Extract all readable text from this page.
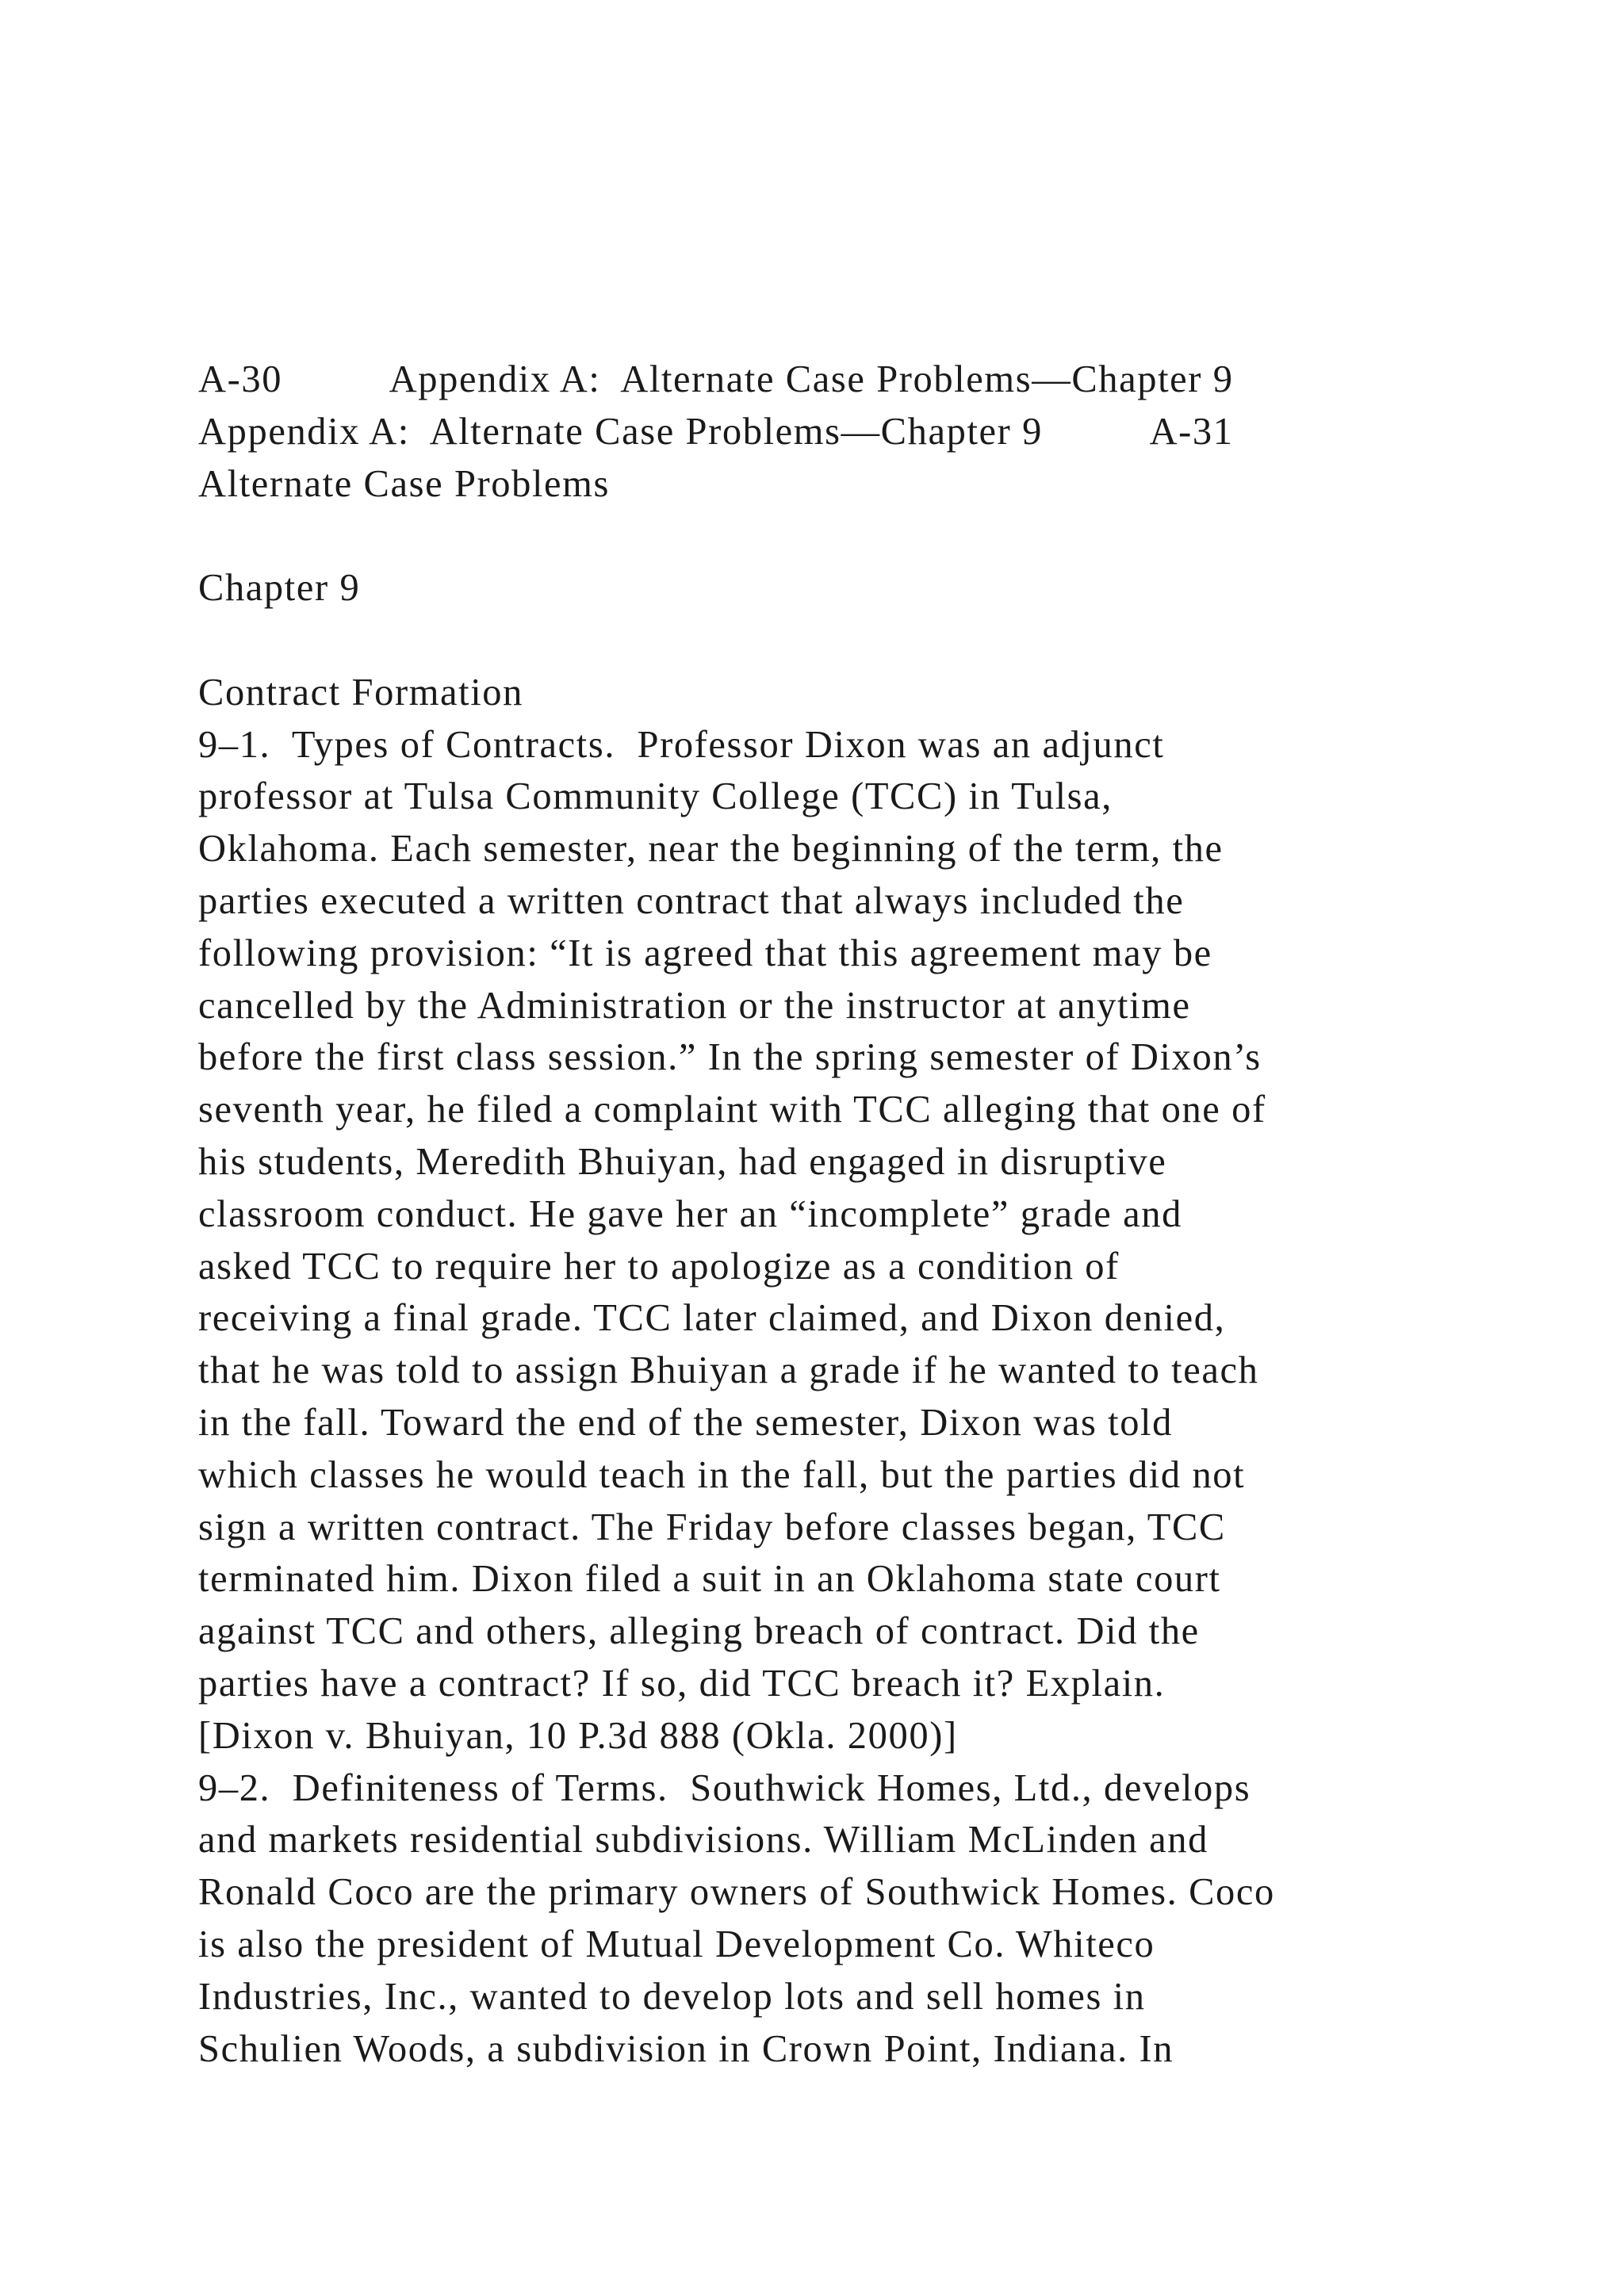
A-30          Appendix A:  Alternate Case Problems—Chapter 9
Appendix A:  Alternate Case Problems—Chapter 9          A-31
Alternate Case Problems
Chapter 9
Contract Formation
9–1.  Types of Contracts.  Professor Dixon was an adjunct
professor at Tulsa Community College (TCC) in Tulsa,
Oklahoma. Each semester, near the beginning of the term, the
parties executed a written contract that always included the
following provision: “It is agreed that this agreement may be
cancelled by the Administration or the instructor at anytime
before the first class session.” In the spring semester of Dixon’s
seventh year, he filed a complaint with TCC alleging that one of
his students, Meredith Bhuiyan, had engaged in disruptive
classroom conduct. He gave her an “incomplete” grade and
asked TCC to require her to apologize as a condition of
receiving a final grade. TCC later claimed, and Dixon denied,
that he was told to assign Bhuiyan a grade if he wanted to teach
in the fall. Toward the end of the semester, Dixon was told
which classes he would teach in the fall, but the parties did not
sign a written contract. The Friday before classes began, TCC
terminated him. Dixon filed a suit in an Oklahoma state court
against TCC and others, alleging breach of contract. Did the
parties have a contract? If so, did TCC breach it? Explain.
[Dixon v. Bhuiyan, 10 P.3d 888 (Okla. 2000)]
9–2.  Definiteness of Terms.  Southwick Homes, Ltd., develops
and markets residential subdivisions. William McLinden and
Ronald Coco are the primary owners of Southwick Homes. Coco
is also the president of Mutual Development Co. Whiteco
Industries, Inc., wanted to develop lots and sell homes in
Schulien Woods, a subdivision in Crown Point, Indiana. In
